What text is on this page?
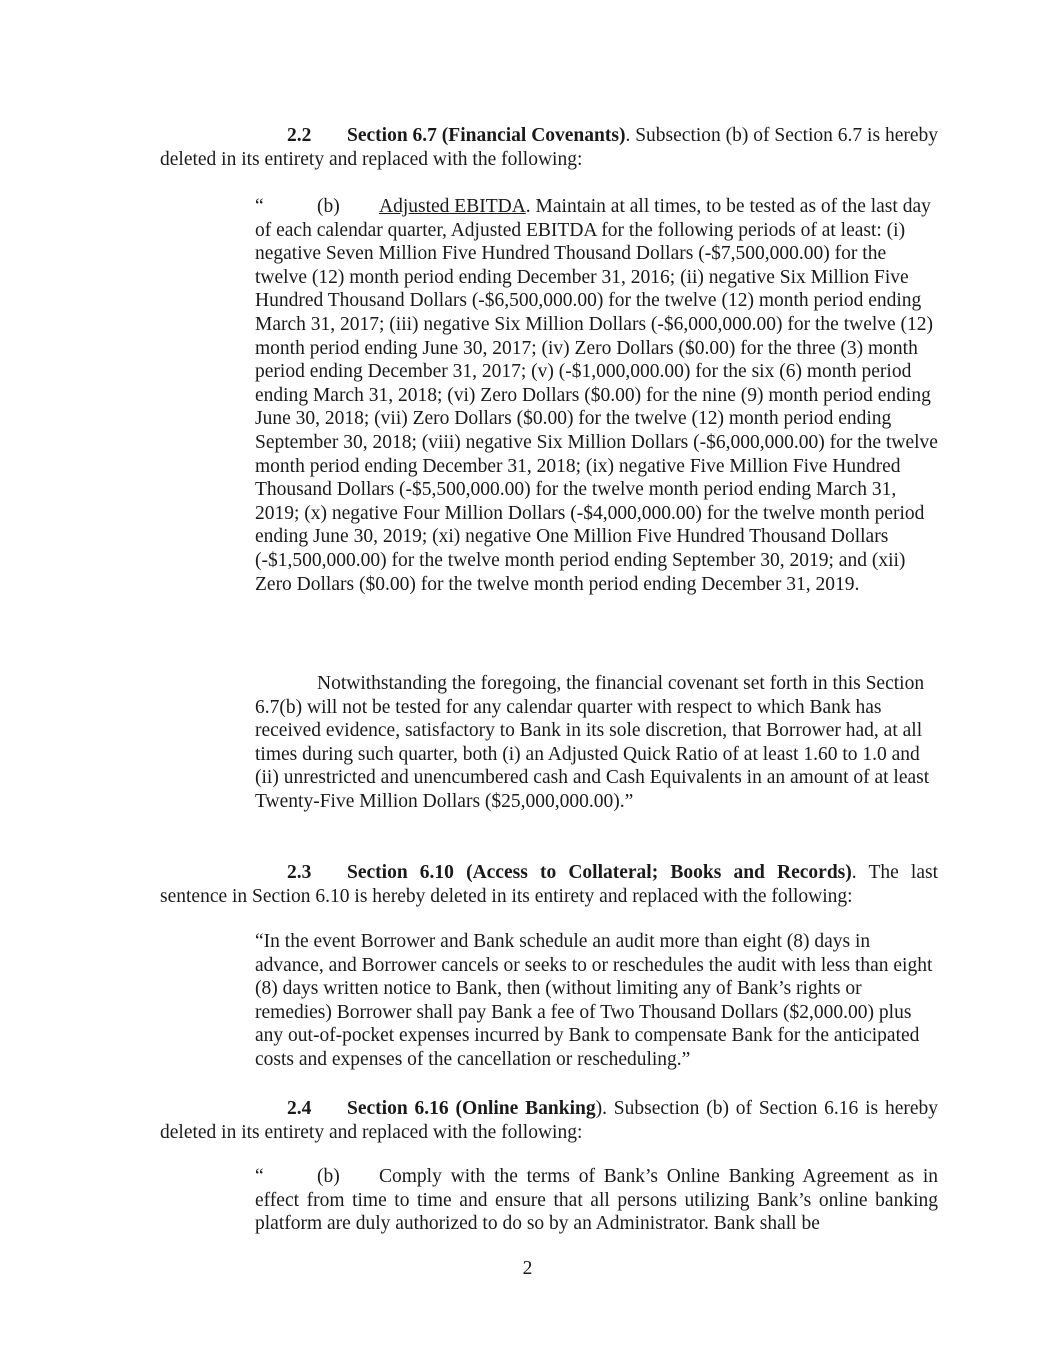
2.2 Section 6.7 (Financial Covenants). Subsection (b) of Section 6.7 is hereby deleted in its entirety and replaced with the following:

“	(b) Adjusted EBITDA. Maintain at all times, to be tested as of the last day of each calendar quarter, Adjusted EBITDA for the following periods of at least: (i) negative Seven Million Five Hundred Thousand Dollars (-$7,500,000.00) for the twelve (12) month period ending December 31, 2016; (ii) negative Six Million Five Hundred Thousand Dollars (-$6,500,000.00) for the twelve (12) month period ending March 31, 2017; (iii) negative Six Million Dollars (-$6,000,000.00) for the twelve (12) month period ending June 30, 2017; (iv) Zero Dollars ($0.00) for the three (3) month period ending December 31, 2017; (v) (-$1,000,000.00) for the six (6) month period ending March 31, 2018; (vi) Zero Dollars ($0.00) for the nine (9) month period ending June 30, 2018; (vii) Zero Dollars ($0.00) for the twelve (12) month period ending September 30, 2018; (viii) negative Six Million Dollars (-$6,000,000.00) for the twelve month period ending December 31, 2018; (ix) negative Five Million Five Hundred Thousand Dollars (-$5,500,000.00) for the twelve month period ending March 31, 2019; (x) negative Four Million Dollars (-$4,000,000.00) for the twelve month period ending June 30, 2019; (xi) negative One Million Five Hundred Thousand Dollars (-$1,500,000.00) for the twelve month period ending September 30, 2019; and (xii) Zero Dollars ($0.00) for the twelve month period ending December 31, 2019.

Notwithstanding the foregoing, the financial covenant set forth in this Section 6.7(b) will not be tested for any calendar quarter with respect to which Bank has received evidence, satisfactory to Bank in its sole discretion, that Borrower had, at all times during such quarter, both (i) an Adjusted Quick Ratio of at least 1.60 to 1.0 and (ii) unrestricted and unencumbered cash and Cash Equivalents in an amount of at least Twenty-Five Million Dollars ($25,000,000.00).”

2.3 Section 6.10 (Access to Collateral; Books and Records). The last sentence in Section 6.10 is hereby deleted in its entirety and replaced with the following:

“In the event Borrower and Bank schedule an audit more than eight (8) days in advance, and Borrower cancels or seeks to or reschedules the audit with less than eight (8) days written notice to Bank, then (without limiting any of Bank’s rights or remedies) Borrower shall pay Bank a fee of Two Thousand Dollars ($2,000.00) plus any out-of-pocket expenses incurred by Bank to compensate Bank for the anticipated costs and expenses of the cancellation or rescheduling.”

2.4 Section 6.16 (Online Banking). Subsection (b) of Section 6.16 is hereby deleted in its entirety and replaced with the following:

“	(b) Comply with the terms of Bank’s Online Banking Agreement as in effect from time to time and ensure that all persons utilizing Bank’s online banking platform are duly authorized to do so by an Administrator. Bank shall be

2
